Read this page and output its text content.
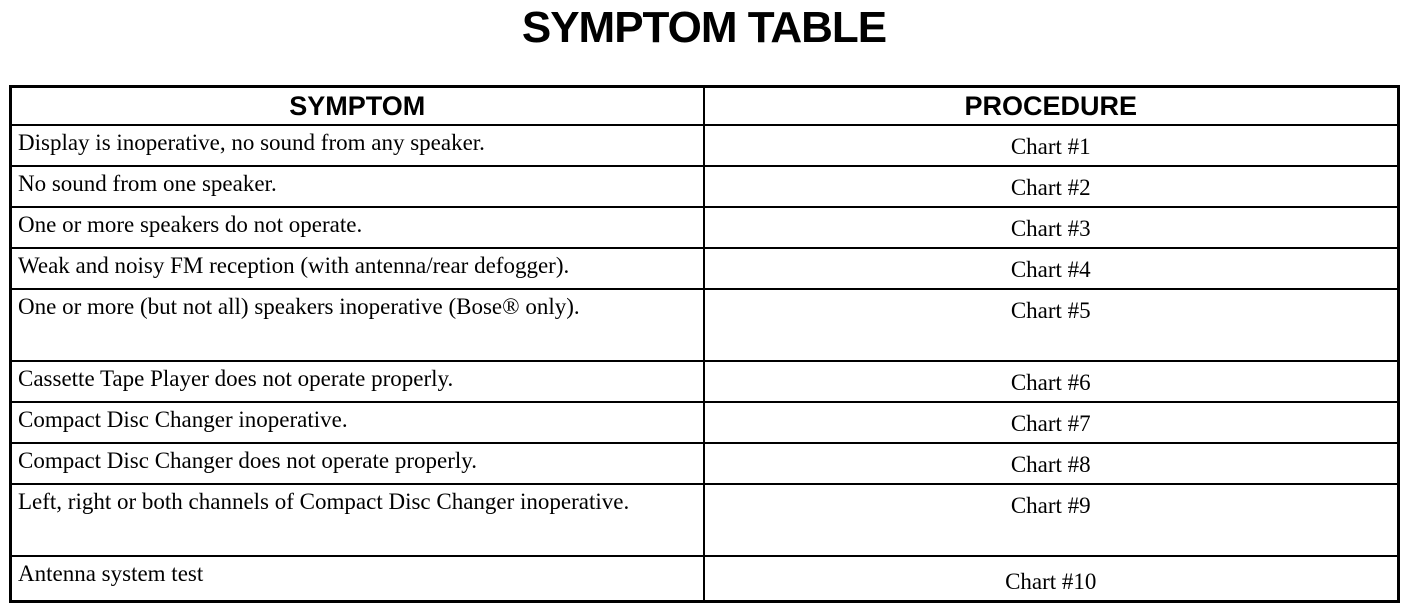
SYMPTOM TABLE
SYMPTOM	PROCEDURE
Display is inoperative, no sound from any speaker.	Chart #1
No sound from one speaker.	Chart #2
One or more speakers do not operate.	Chart #3
Weak and noisy FM reception (with antenna/rear defogger).	Chart #4
One or more (but not all) speakers inoperative (Bose® only).	Chart #5
Cassette Tape Player does not operate properly.	Chart #6
Compact Disc Changer inoperative.	Chart #7
Compact Disc Changer does not operate properly.	Chart #8
Left, right or both channels of Compact Disc Changer inoperative.	Chart #9
Antenna system test	Chart #10
